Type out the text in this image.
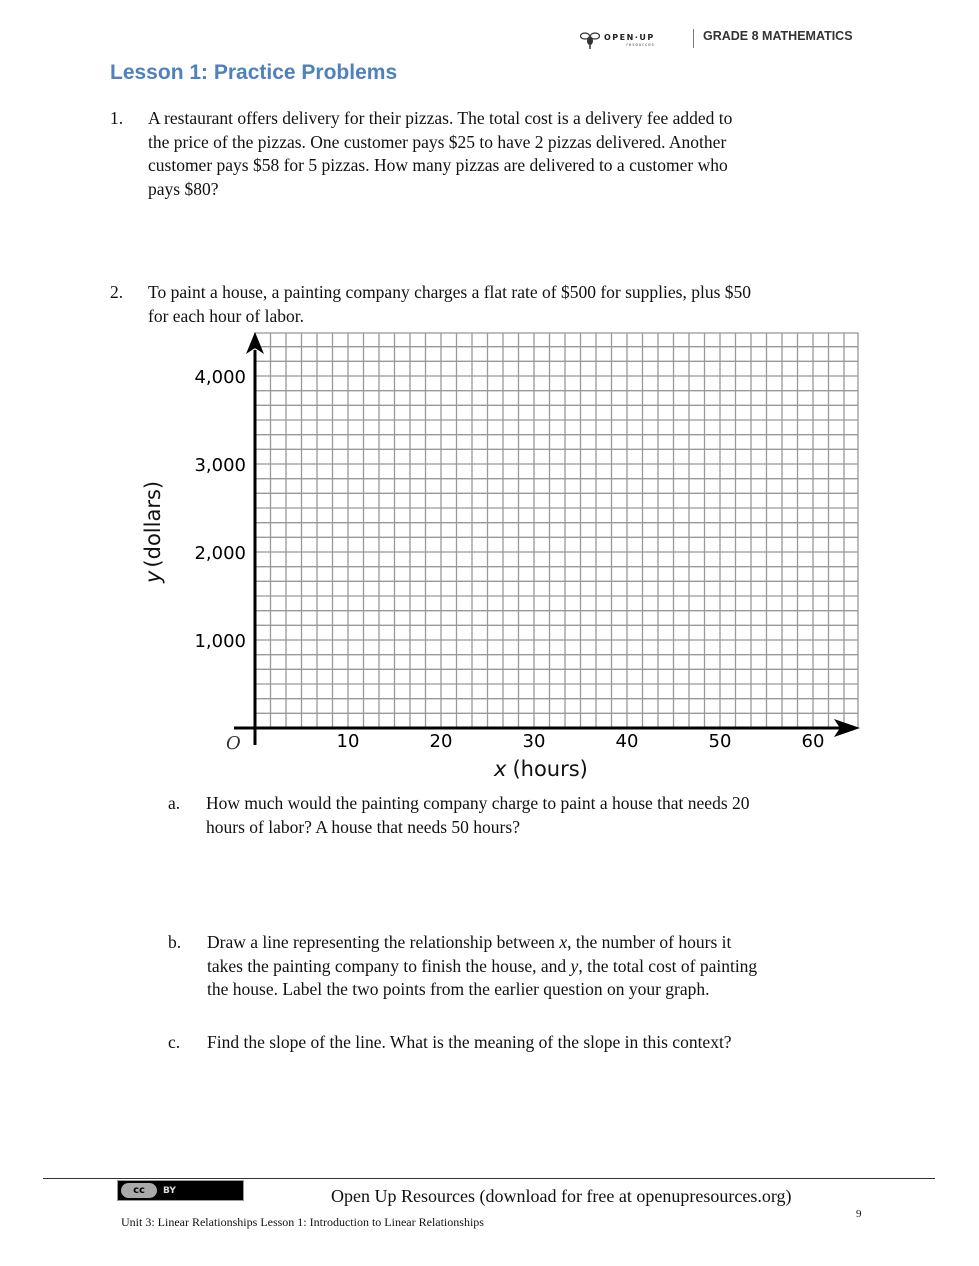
OPEN·UP
resources
GRADE 8 MATHEMATICS
Lesson 1: Practice Problems
1. A restaurant offers delivery for their pizzas. The total cost is a delivery fee added to
the price of the pizzas. One customer pays $25 to have 2 pizzas delivered. Another
customer pays $58 for 5 pizzas. How many pizzas are delivered to a customer who
pays $80?
2. To paint a house, a painting company charges a flat rate of $500 for supplies, plus $50
for each hour of labor.
10	20	30	40	50	60
1,000
2,000
3,000
4,000
O
x (hours)
y(dollars)
a. How much would the painting company charge to paint a house that needs 20
hours of labor? A house that needs 50 hours?
b. Draw a line representing the relationship between x, the number of hours it
takes the painting company to finish the house, and y, the total cost of painting
the house. Label the two points from the earlier question on your graph.
c. Find the slope of the line. What is the meaning of the slope in this context?
cc	BY	Open Up Resources (download for free at openupresources.org)
Unit 3: Linear Relationships Lesson 1: Introduction to Linear Relationships
9
